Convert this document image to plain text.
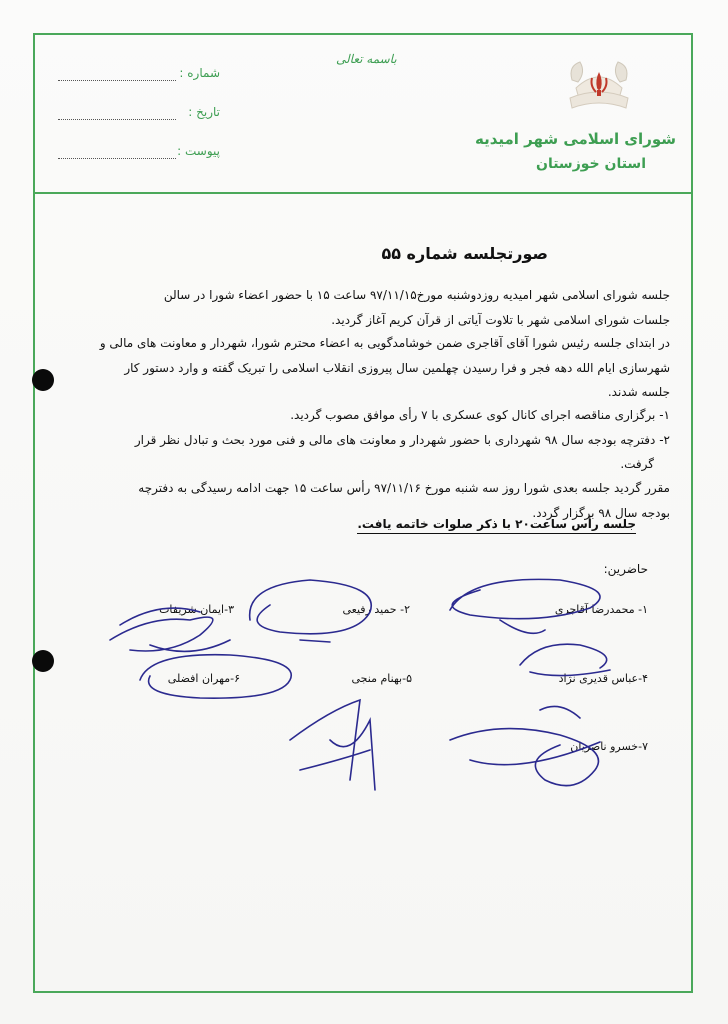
باسمه تعالی
شورای اسلامی شهر امیدیه
استان خوزستان
شماره :
تاریخ :
پیوست :
صورتجلسه شماره ۵۵
جلسه شورای اسلامی شهر امیدیه روزدوشنبه مورخ۹۷/۱۱/۱۵ ساعت ۱۵ با حضور اعضاء شورا در سالن
جلسات شورای اسلامی شهر با تلاوت آیاتی از قرآن کریم آغاز گردید.
در ابتدای جلسه رئیس شورا آقای آقاجری ضمن خوشامدگویی به اعضاء محترم شورا، شهردار و معاونت های مالی و
شهرسازی ایام الله دهه فجر و فرا رسیدن چهلمین سال پیروزی انقلاب اسلامی را تبریک گفته و وارد دستور کار
جلسه شدند.
۱- برگزاری مناقصه اجرای کانال کوی عسکری با ۷ رأی موافق مصوب گردید.
۲- دفترچه بودجه سال ۹۸ شهرداری با حضور شهردار و معاونت های مالی و فنی مورد بحث و تبادل نظر قرار
گرفت.
مقرر گردید جلسه بعدی شورا روز سه شنبه مورخ ۹۷/۱۱/۱۶ رأس ساعت ۱۵ جهت ادامه رسیدگی به دفترچه
بودجه سال ۹۸ برگزار گردد.
جلسه رأس ساعت۲۰ با ذکر صلوات خاتمه یافت.
حاضرین:
۱- محمدرضا آقاجری
۲- حمید رفیعی
۳-ایمان شریفات
۴-عباس قدیری نژاد
۵-بهنام منجی
۶-مهران افضلی
۷-خسرو ناصریان
